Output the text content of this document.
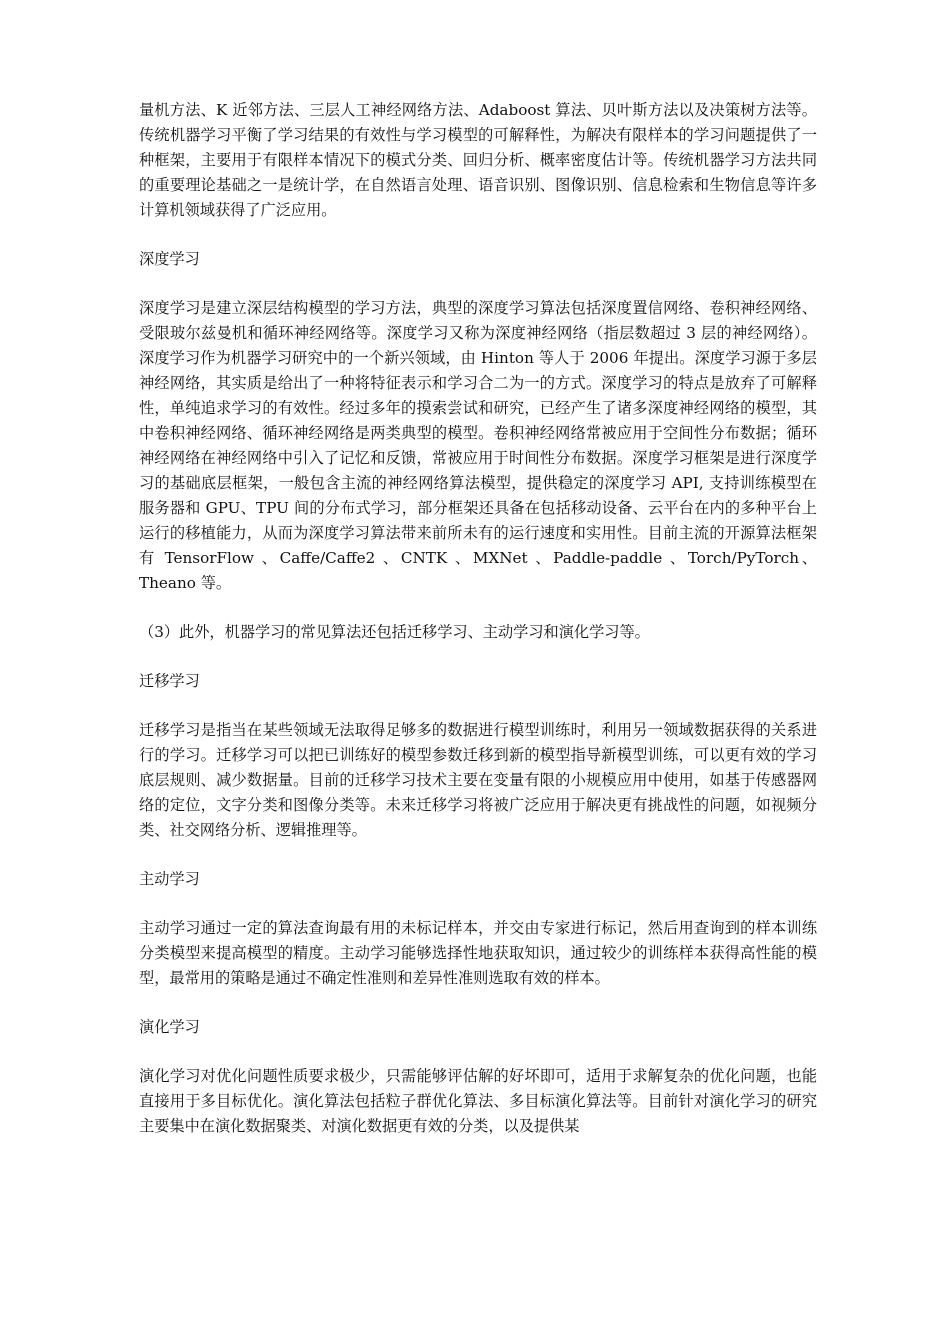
量机方法、K 近邻方法、三层人工神经网络方法、Adaboost 算法、贝叶斯方法以及决策树方法等。传统机器学习平衡了学习结果的有效性与学习模型的可解释性，为解决有限样本的学习问题提供了一种框架，主要用于有限样本情况下的模式分类、回归分析、概率密度估计等。传统机器学习方法共同的重要理论基础之一是统计学，在自然语言处理、语音识别、图像识别、信息检索和生物信息等许多计算机领域获得了广泛应用。

深度学习

深度学习是建立深层结构模型的学习方法，典型的深度学习算法包括深度置信网络、卷积神经网络、受限玻尔兹曼机和循环神经网络等。深度学习又称为深度神经网络（指层数超过 3 层的神经网络）。深度学习作为机器学习研究中的一个新兴领域，由 Hinton 等人于 2006 年提出。深度学习源于多层神经网络，其实质是给出了一种将特征表示和学习合二为一的方式。深度学习的特点是放弃了可解释性，单纯追求学习的有效性。经过多年的摸索尝试和研究，已经产生了诸多深度神经网络的模型，其中卷积神经网络、循环神经网络是两类典型的模型。卷积神经网络常被应用于空间性分布数据；循环神经网络在神经网络中引入了记忆和反馈，常被应用于时间性分布数据。深度学习框架是进行深度学习的基础底层框架，一般包含主流的神经网络算法模型，提供稳定的深度学习 API, 支持训练模型在服务器和 GPU、TPU 间的分布式学习，部分框架还具备在包括移动设备、云平台在内的多种平台上运行的移植能力，从而为深度学习算法带来前所未有的运行速度和实用性。目前主流的开源算法框架有 TensorFlow 、Caffe/Caffe2 、CNTK 、MXNet 、Paddle-paddle 、Torch/PyTorch、Theano 等。

（3）此外，机器学习的常见算法还包括迁移学习、主动学习和演化学习等。

迁移学习

迁移学习是指当在某些领域无法取得足够多的数据进行模型训练时，利用另一领域数据获得的关系进行的学习。迁移学习可以把已训练好的模型参数迁移到新的模型指导新模型训练，可以更有效的学习底层规则、减少数据量。目前的迁移学习技术主要在变量有限的小规模应用中使用，如基于传感器网络的定位，文字分类和图像分类等。未来迁移学习将被广泛应用于解决更有挑战性的问题，如视频分类、社交网络分析、逻辑推理等。

主动学习

主动学习通过一定的算法查询最有用的未标记样本，并交由专家进行标记，然后用查询到的样本训练分类模型来提高模型的精度。主动学习能够选择性地获取知识，通过较少的训练样本获得高性能的模型，最常用的策略是通过不确定性准则和差异性准则选取有效的样本。

演化学习

演化学习对优化问题性质要求极少，只需能够评估解的好坏即可，适用于求解复杂的优化问题，也能直接用于多目标优化。演化算法包括粒子群优化算法、多目标演化算法等。目前针对演化学习的研究主要集中在演化数据聚类、对演化数据更有效的分类，以及提供某
